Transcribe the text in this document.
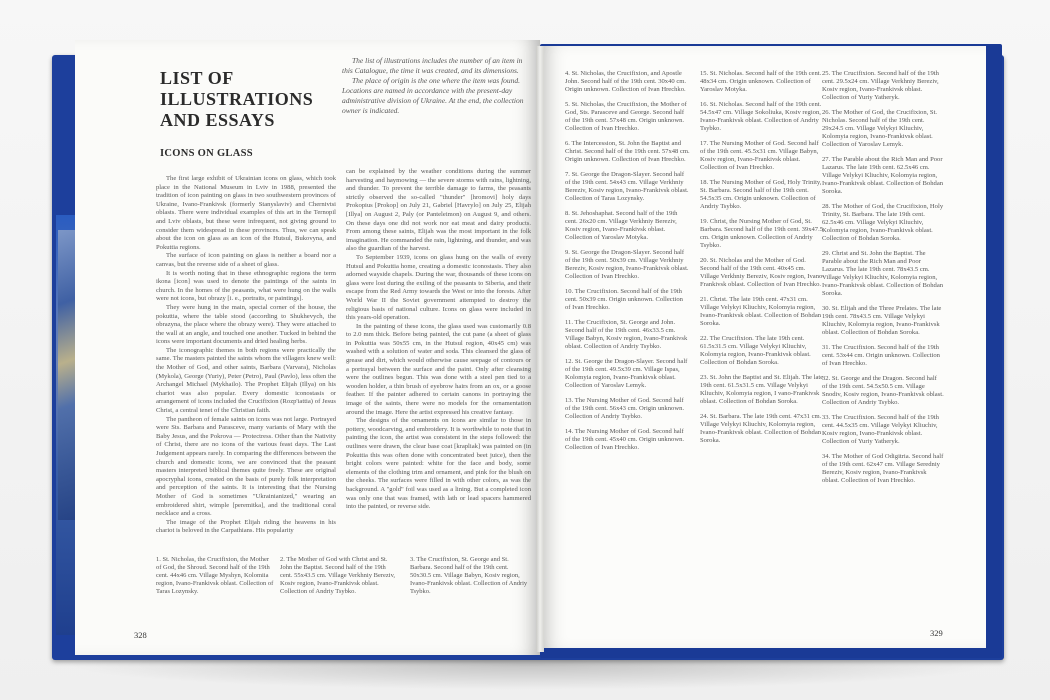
LIST OF ILLUSTRATIONS AND ESSAYS
The list of illustrations includes the number of an item in this Catalogue, the time it was created, and its dimensions.
The place of origin is the one where the item was found. Locations are named in accordance with the present-day administrative division of Ukraine. At the end, the collection owner is indicated.
ICONS ON GLASS

The first large exhibit of Ukrainian icons on glass, which took place in the National Museum in Lviv in 1988, presented the tradition of icon painting on glass in two southwestern provinces of Ukraine, Ivano-Frankivsk (formerly Stanyslaviv) and Chernivtsi oblasts. There were individual examples of this art in the Ternopil and Lviv oblasts, but these were infrequent, not giving ground to consider them widespread in these provinces. Thus, we can speak about the icon on glass as an icon of the Hutsul, Bukovyna, and Pokuttia regions.

The surface of icon painting on glass is neither a board nor a canvas, but the reverse side of a sheet of glass.

It is worth noting that in these ethnographic regions the term ikona [icon] was used to denote the paintings of the saints in church. In the homes of the peasants, what were hung on the walls were not icons, but obrazy [i. e., portraits, or paintings].

They were hung in the main, special corner of the house, the pokuttia, where the table stood (according to Shukhevych, the obrazyna, the place where the obrazy were). They were attached to the wall at an angle, and touched one another. Tucked in behind the icons were important documents and dried healing herbs.

The iconographic themes in both regions were practically the same. The masters painted the saints whom the villagers knew well: the Mother of God, and other saints, Barbara (Varvara), Nicholas (Mykola), George (Yuriy), Peter (Petro), Paul (Pavlo), less often the Archangel Michael (Mykhailo). The Prophet Elijah (Illya) on his chariot was also popular. Every domestic iconostasis or arrangement of icons included the Crucifixion (Rozp'iattia) of Jesus Christ, a central tenet of the Christian faith.

The pantheon of female saints on icons was not large. Portrayed were Sts. Barbara and Parasceve, many variants of Mary with the Baby Jesus, and the Pokrova — Protectress. Other than the Nativity of Christ, there are no icons of the various feast days. The Last Judgement appears rarely. In comparing the differences between the church and domestic icons, we are convinced that the peasant masters interpreted biblical themes quite freely. These are original apocryphal icons, created on the basis of purely folk interpretation and perception of the saints. It is interesting that the Nursing Mother of God is sometimes "Ukrainianized," wearing an embroidered shirt, wimple [peremitka], and the traditional coral necklace and a cross.

The image of the Prophet Elijah riding the heavens in his chariot is beloved in the Carpathians. His popularity

can be explained by the weather conditions during the summer harvesting and haymowing — the severe storms with rains, lightning, and thunder. To prevent the terrible damage to farms, the peasants strictly observed the so-called "thunder" [hromovi] holy days Prokopius [Prokop] on July 21, Gabriel [Havrylo] on July 25, Elijah [Illya] on August 2, Paly (or Panteleimon) on August 9, and others. On these days one did not work nor eat meat and dairy products. From among these saints, Elijah was the most important in the folk imagination. He commanded the rain, lightning, and thunder, and was also the guardian of the harvest.

To September 1939, icons on glass hung on the walls of every Hutsul and Pokuttia home, creating a domestic iconostasis. They also adorned wayside chapels. During the war, thousands of these icons on glass were lost during the exiling of the peasants to Siberia, and their escape from the Red Army towards the West or into the forests. After World War II the Soviet government attempted to destroy the religious basis of national culture. Icons on glass were included in this years-old operation.

In the painting of these icons, the glass used was customarily 0.8 to 2.0 mm thick. Before being painted, the cut pane (a sheet of glass in Pokuttia was 50x55 cm, in the Hutsul region, 40x45 cm) was washed with a solution of water and soda. This cleansed the glass of grease and dirt, which would otherwise cause seepage of contours or a portrayal between the surface and the paint. Only after cleansing were the outlines begun. This was done with a steel pen tied to a wooden holder, a thin brush of eyebrow hairs from an ox, or a goose feather. If the painter adhered to certain canons in portraying the image of the saints, there were no models for the ornamentation around the image. Here the artist expressed his creative fantasy.

The designs of the ornaments on icons are similar to those in pottery, woodcarving, and embroidery. It is worthwhile to note that in painting the icon, the artist was consistent in the steps followed: the outlines were drawn, the clear base coat [krapliak] was painted on (in Pokuttia this was often done with concentrated beet juice), then the bright colors were painted: white for the face and body, some elements of the clothing trim and ornament, and pink for the blush on the cheeks. The surfaces were filled in with other colors, as was the background. A "gold" foil was used as a lining. But a completed icon was only one that was framed, with lath or lead spacers hammered into the painted, or reverse side.

1. St. Nicholas, the Crucifixion, the Mother of God, the Shroud. Second half of the 19th cent. 44x46 cm. Village Myshyn, Kolomiia region, Ivano-Frankivsk oblast. Collection of Taras Lozynsky.
2. The Mother of God with Christ and St. John the Baptist. Second half of the 19th cent. 55x43.5 cm. Village Verkhniy Bereziv, Kosiv region, Ivano-Frankivsk oblast. Collection of Andriy Tsybko.
3. The Crucifixion, St. George and St. Barbara. Second half of the 19th cent. 50x30.5 cm. Village Babyn, Kosiv region, Ivano-Frankivsk oblast. Collection of Andriy Tsybko.
328
4. St. Nicholas, the Crucifixion, and Apostle John. Second half of the 19th cent. 30x40 cm. Origin unknown. Collection of Ivan Hrechko.
5. St. Nicholas, the Crucifixion, the Mother of God, Sts. Parasceve and George. Second half of the 19th cent. 57x48 cm. Origin unknown. Collection of Ivan Hrechko.
6. The Intercession, St. John the Baptist and Christ. Second half of the 19th cent. 57x48 cm. Origin unknown. Collection of Ivan Hrechko.
7. St. George the Dragon-Slayer. Second half of the 19th cent. 54x43 cm. Village Verkhniy Bereziv, Kosiv region, Ivano-Frankivsk oblast. Collection of Taras Lozynsky.
8. St. Jehoshaphat. Second half of the 19th cent. 26x20 cm. Village Verkhniy Bereziv, Kosiv region, Ivano-Frankivsk oblast. Collection of Yaroslav Motyka.
9. St. George the Dragon-Slayer. Second half of the 19th cent. 50x39 cm. Village Verkhniy Bereziv, Kosiv region, Ivano-Frankivsk oblast. Collection of Ivan Hrechko.
10. The Crucifixion. Second half of the 19th cent. 50x39 cm. Origin unknown. Collection of Ivan Hrechko.
11. The Crucifixion, St. George and John. Second half of the 19th cent. 46x33.5 cm. Village Babyn, Kosiv region, Ivano-Frankivsk oblast. Collection of Andriy Tsybko.
12. St. George the Dragon-Slayer. Second half of the 19th cent. 49.5x39 cm. Village Ispas, Kolomyia region, Ivano-Frankivsk oblast. Collection of Yaroslav Lemyk.
13. The Nursing Mother of God. Second half of the 19th cent. 56x43 cm. Origin unknown. Collection of Andriy Tsybko.
14. The Nursing Mother of God. Second half of the 19th cent. 45x40 cm. Origin unknown. Collection of Ivan Hrechko.
15. St. Nicholas. Second half of the 19th cent. 48x34 cm. Origin unknown. Collection of Yaroslav Motyka.
16. St. Nicholas. Second half of the 19th cent. 54.5x47 cm. Village Sokoliuka, Kosiv region, Ivano-Frankivsk oblast. Collection of Andriy Tsybko.
17. The Nursing Mother of God. Second half of the 19th cent. 45.5x31 cm. Village Babyn, Kosiv region, Ivano-Frankivsk oblast. Collection of Ivan Hrechko.
18. The Nursing Mother of God, Holy Trinity, St. Barbara. Second half of the 19th cent. 54.5x35 cm. Origin unknown. Collection of Andriy Tsybko.
19. Christ, the Nursing Mother of God, St. Barbara. Second half of the 19th cent. 39x47.5 cm. Origin unknown. Collection of Andriy Tsybko.
20. St. Nicholas and the Mother of God. Second half of the 19th cent. 40x45 cm. Village Verkhniy Bereziv, Kosiv region, Ivano-Frankivsk oblast. Collection of Ivan Hrechko.
21. Christ. The late 19th cent. 47x31 cm. Village Velykyi Kliuchiv, Kolomyia region, Ivano-Frankivsk oblast. Collection of Bohdan Soroka.
22. The Crucifixion. The late 19th cent. 61.5x31.5 cm. Village Velykyi Kliuchiv, Kolomyia region, Ivano-Frankivsk oblast. Collection of Bohdan Soroka.
23. St. John the Baptist and St. Elijah. The late 19th cent. 61.5x31.5 cm. Village Velykyi Kliuchiv, Kolomyia region, I vano-Frankivsk oblast. Collection of Bohdan Soroka.
24. St. Barbara. The late 19th cent. 47x31 cm. Village Velykyi Kliuchiv, Kolomyia region, Ivano-Frankivsk oblast. Collection of Bohdan Soroka.
25. The Crucifixion. Second half of the 19th cent. 29.5x24 cm. Village Verkhniy Bereziv, Kosiv region, Ivano-Frankivsk oblast. Collection of Yuriy Yatheryk.
26. The Mother of God, the Crucifixion, St. Nicholas. Second half of the 19th cent. 29x24.5 cm. Village Velykyi Kliuchiv, Kolomyia region, Ivano-Frankivsk oblast. Collection of Yaroslav Lemyk.
27. The Parable about the Rich Man and Poor Lazarus. The late 19th cent. 62.5x46 cm. Village Velykyi Kliuchiv, Kolomyia region, Ivano-Frankivsk oblast. Collection of Bohdan Soroka.
28. The Mother of God, the Crucifixion, Holy Trinity, St. Barbara. The late 19th cent. 62.5x46 cm. Village Velykyi Kliuchiv, Kolomyia region, Ivano-Frankivsk oblast. Collection of Bohdan Soroka.
29. Christ and St. John the Baptist. The Parable about the Rich Man and Poor Lazarus. The late 19th cent. 78x43.5 cm. Village Velykyi Kliuchiv, Kolomyia region, Ivano-Frankivsk oblast. Collection of Bohdan Soroka.
30. St. Elijah and the Three Prelates. The late 19th cent. 78x43.5 cm. Village Velykyi Kliuchiv, Kolomyia region, Ivano-Frankivsk oblast. Collection of Bohdan Soroka.
31. The Crucifixion. Second half of the 19th cent. 53x44 cm. Origin unknown. Collection of Ivan Hrechko.
32. St. George and the Dragon. Second half of the 19th cent. 54.5x50.5 cm. Village Snodiv, Kosiv region, Ivano-Frankivsk oblast. Collection of Andriy Tsybko.
33. The Crucifixion. Second half of the 19th cent. 44.5x35 cm. Village Velykyi Kliuchiv, Kosiv region, Ivano-Frankivsk oblast. Collection of Yuriy Yatheryk.
34. The Mother of God Odigitria. Second half of the 19th cent. 62x47 cm. Village Seredniy Bereziv, Kosiv region, Ivano-Frankivsk oblast. Collection of Ivan Hrechko.
329
